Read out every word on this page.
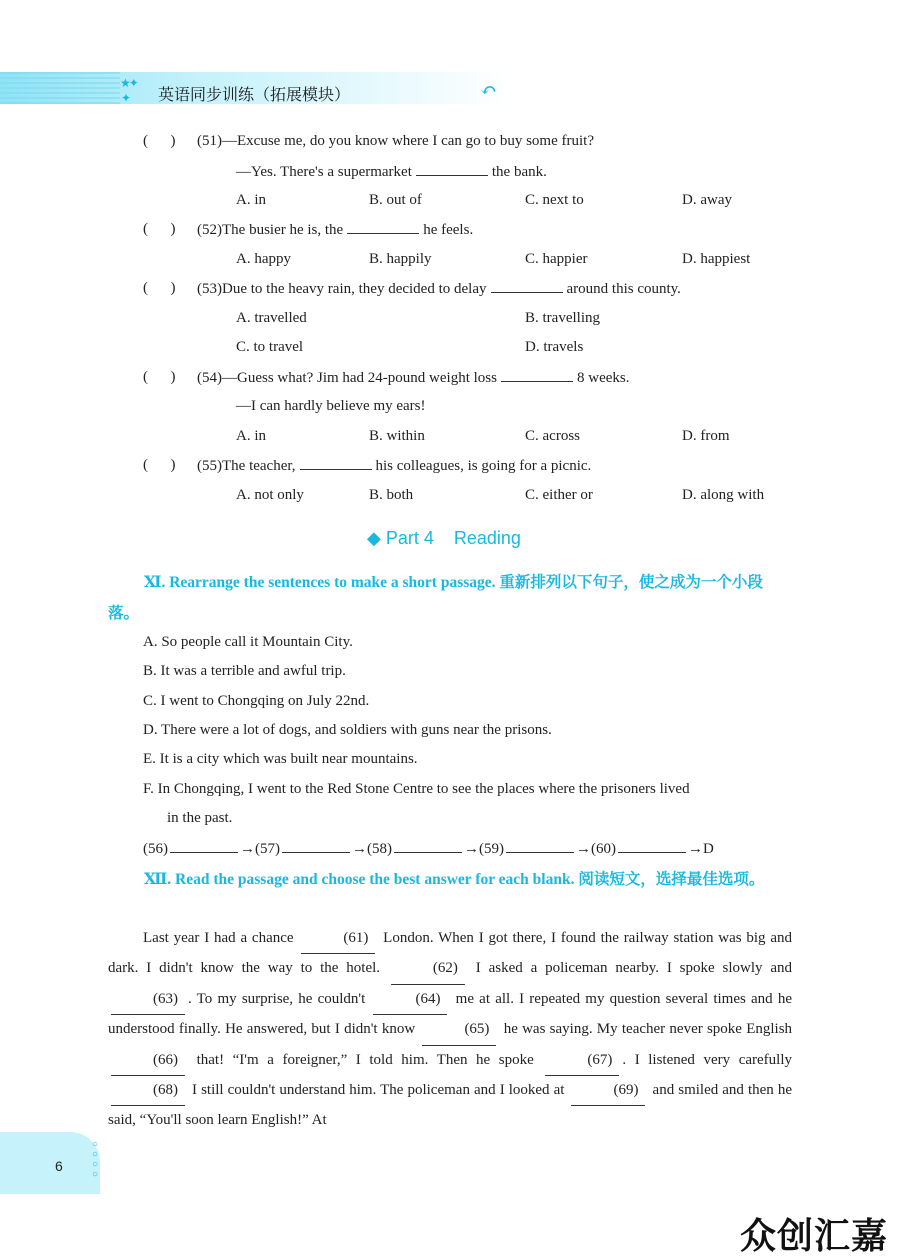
★✦
✦	英语同步训练（拓展模块）	↶
(      ) (51)—Excuse me, do you know where I can go to buy some fruit?
—Yes. There's a supermarket	the bank.
A. in	B. out of	C. next to	D. away
(      ) (52)The busier he is, the	he feels.
A. happy	B. happily	C. happier	D. happiest
(      ) (53)Due to the heavy rain, they decided to delay	around this county.
A. travelled	B. travelling
C. to travel	D. travels
(      ) (54)—Guess what? Jim had 24-pound weight loss	8 weeks.
—I can hardly believe my ears!
A. in	B. within	C. across	D. from
(      ) (55)The teacher,	his colleagues, is going for a picnic.
A. not only	B. both	C. either or	D. along with
◆ Part 4    Reading
Ⅺ. Rearrange the sentences to make a short passage. 重新排列以下句子，使之成为一个小段落。
A. So people call it Mountain City.
B. It was a terrible and awful trip.
C. I went to Chongqing on July 22nd.
D. There were a lot of dogs, and soldiers with guns near the prisons.
E. It is a city which was built near mountains.
F. In Chongqing, I went to the Red Stone Centre to see the places where the prisoners lived
in the past.
(56)	→(57)	→(58)	→(59)	→(60)	→D
Ⅻ. Read the passage and choose the best answer for each blank. 阅读短文，选择最佳选项。
Last year I had a chance	(61) London. When I got there, I found the railway station was big and dark. I didn't know the way to the hotel.	(62) I asked a policeman nearby. I spoke slowly and (63) . To my surprise, he couldn't	(64) me at all. I repeated my question several times and he understood finally. He answered, but I didn't know	(65) he was saying. My teacher never spoke English (66) that! “I'm a foreigner,” I told him. Then he spoke	(67) . I listened very carefully (68) I still couldn't understand him. The policeman and I looked at	(69) and smiled and then he said, “You'll soon learn English!” At
6
○
○
○
○
众创汇嘉
